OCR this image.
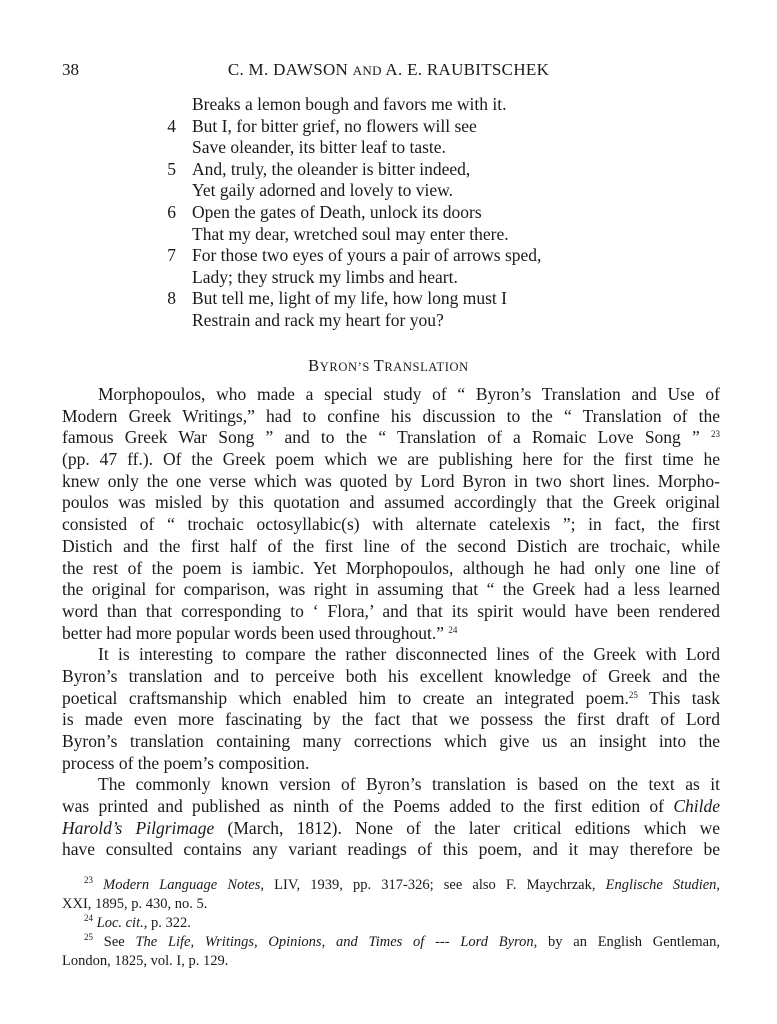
38	C. M. DAWSON AND A. E. RAUBITSCHEK
Breaks a lemon bough and favors me with it.
4 But I, for bitter grief, no flowers will see
Save oleander, its bitter leaf to taste.
5 And, truly, the oleander is bitter indeed,
Yet gaily adorned and lovely to view.
6 Open the gates of Death, unlock its doors
That my dear, wretched soul may enter there.
7 For those two eyes of yours a pair of arrows sped,
Lady; they struck my limbs and heart.
8 But tell me, light of my life, how long must I
Restrain and rack my heart for you?
BYRON’S TRANSLATION
Morphopoulos, who made a special study of “ Byron’s Translation and Use of
Modern Greek Writings,” had to confine his discussion to the “ Translation of the
famous Greek War Song ” and to the “ Translation of a Romaic Love Song ” $^{23}$
(pp. 47 ff.). Of the Greek poem which we are publishing here for the first time he
knew only the one verse which was quoted by Lord Byron in two short lines. Morpho-
poulos was misled by this quotation and assumed accordingly that the Greek original
consisted of “ trochaic octosyllabic(s) with alternate catelexis ”; in fact, the first
Distich and the first half of the first line of the second Distich are trochaic, while
the rest of the poem is iambic. Yet Morphopoulos, although he had only one line of
the original for comparison, was right in assuming that “ the Greek had a less learned
word than that corresponding to ‘ Flora,’ and that its spirit would have been rendered
better had more popular words been used throughout.” $^{24}$
It is interesting to compare the rather disconnected lines of the Greek with Lord
Byron’s translation and to perceive both his excellent knowledge of Greek and the
poetical craftsmanship which enabled him to create an integrated poem.$^{25}$ This task
is made even more fascinating by the fact that we possess the first draft of Lord
Byron’s translation containing many corrections which give us an insight into the
process of the poem’s composition.
The commonly known version of Byron’s translation is based on the text as it
was printed and published as ninth of the Poems added to the first edition of Childe
Harold’s Pilgrimage (March, 1812). None of the later critical editions which we
have consulted contains any variant readings of this poem, and it may therefore be
$^{23}$ Modern Language Notes, LIV, 1939, pp. 317-326; see also F. Maychrzak, Englische Studien,
XXI, 1895, p. 430, no. 5.
$^{24}$ Loc. cit., p. 322.
$^{25}$ See The Life, Writings, Opinions, and Times of --- Lord Byron, by an English Gentleman,
London, 1825, vol. I, p. 129.
